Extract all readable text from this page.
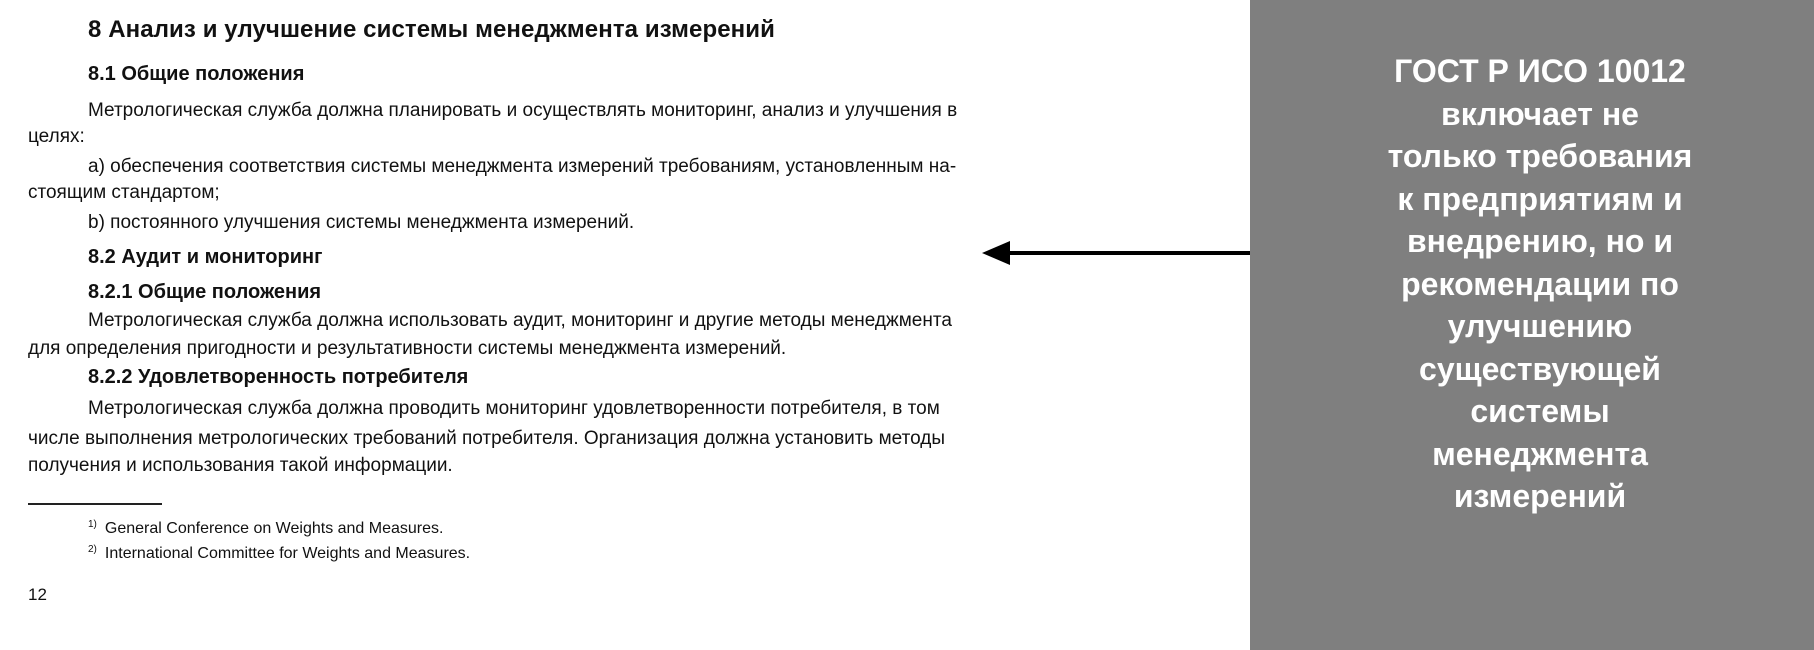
8 Анализ и улучшение системы менеджмента измерений
8.1 Общие положения
Метрологическая служба должна планировать и осуществлять мониторинг, анализ и улучшения в
целях:
a) обеспечения соответствия системы менеджмента измерений требованиям, установленным на-
стоящим стандартом;
b) постоянного улучшения системы менеджмента измерений.
8.2 Аудит и мониторинг
8.2.1 Общие положения
Метрологическая служба должна использовать аудит, мониторинг и другие методы менеджмента
для определения пригодности и результативности системы менеджмента измерений.
8.2.2 Удовлетворенность потребителя
Метрологическая служба должна проводить мониторинг удовлетворенности потребителя, в том
числе выполнения метрологических требований потребителя. Организация должна установить методы
получения и использования такой информации.
$^{1)}$ General Conference on Weights and Measures.
$^{2)}$ International Committee for Weights and Measures.
12
ГОСТ Р ИСО 10012
включает не
только требования
к предприятиям и
внедрению, но и
рекомендации по
улучшению
существующей
системы
менеджмента
измерений
